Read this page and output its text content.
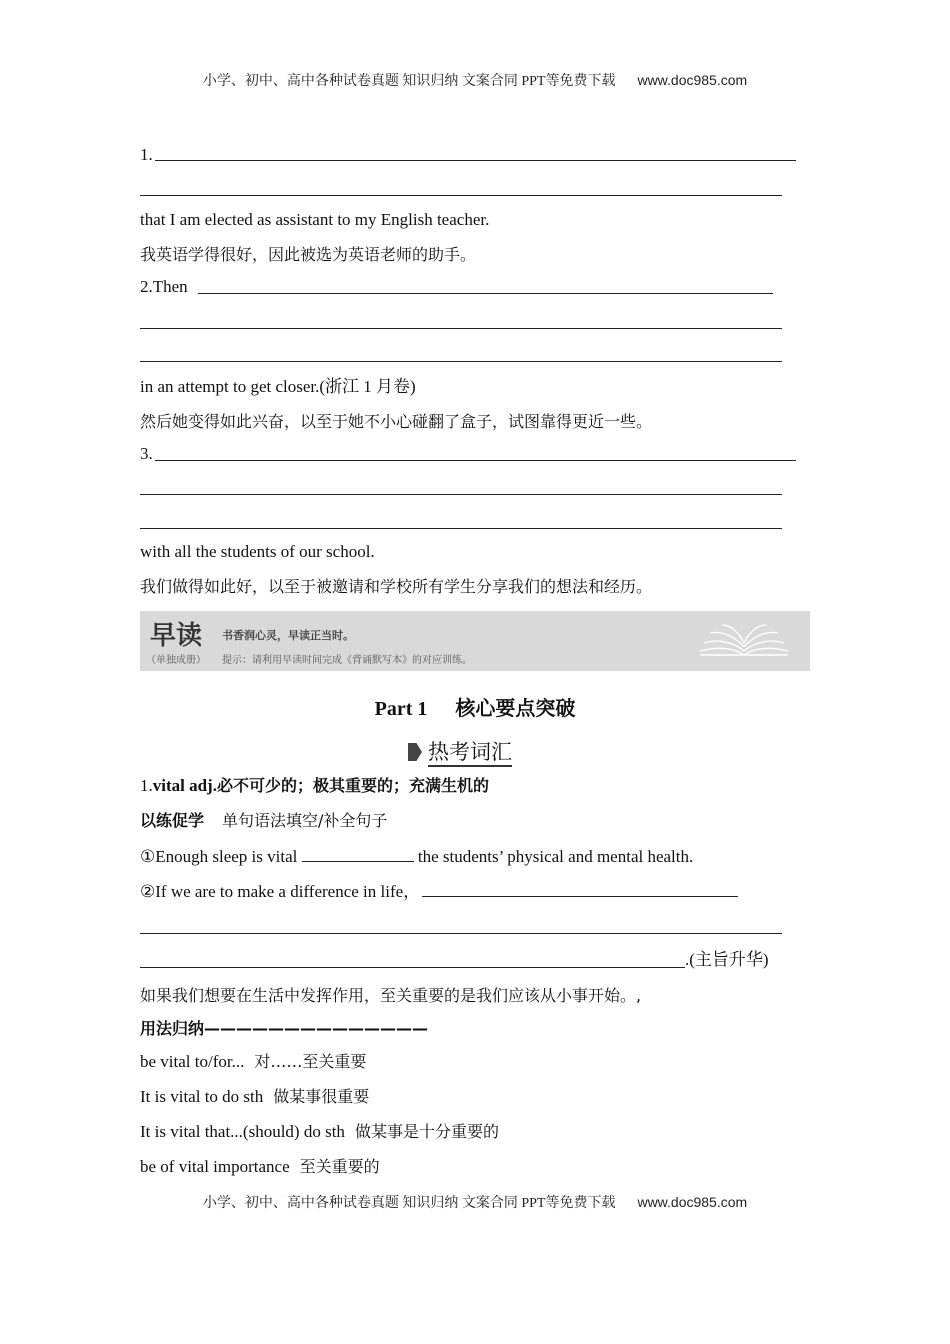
小学、初中、高中各种试卷真题 知识归纳 文案合同 PPT等免费下载 www.doc985.com
1.
that I am elected as assistant to my English teacher.
我英语学得很好，因此被选为英语老师的助手。
2.Then
in an attempt to get closer.(浙江 1 月卷)
然后她变得如此兴奋，以至于她不小心碰翻了盒子，试图靠得更近一些。
3.
with all the students of our school.
我们做得如此好，以至于被邀请和学校所有学生分享我们的想法和经历。
早读
（单独成册）
书香润心灵，早读正当时。
提示：请利用早读时间完成《背诵默写本》的对应训练。
Part 1 核心要点突破
热考词汇
1.vital adj.必不可少的；极其重要的；充满生机的
以练促学 单句语法填空/补全句子
①Enough sleep is vital	the students’ physical and mental health.
②If we are to make a difference in life，
.(主旨升华)
如果我们想要在生活中发挥作用，至关重要的是我们应该从小事开始。,
用法归纳——————————————
be vital to/for... 对……至关重要
It is vital to do sth 做某事很重要
It is vital that...(should) do sth 做某事是十分重要的
be of vital importance 至关重要的
小学、初中、高中各种试卷真题 知识归纳 文案合同 PPT等免费下载 www.doc985.com
